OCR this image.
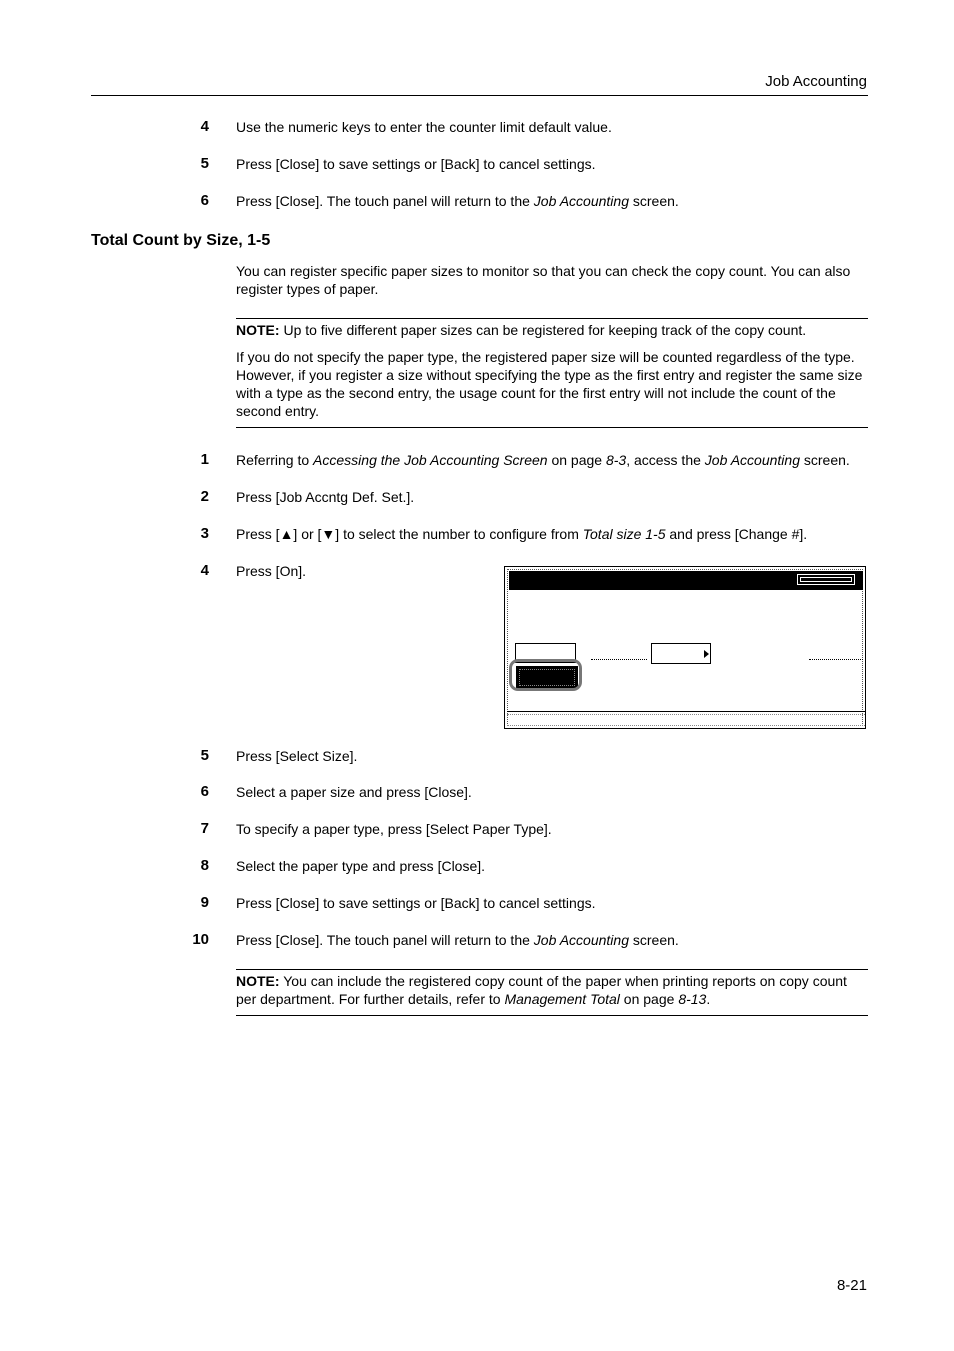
Job Accounting
4 Use the numeric keys to enter the counter limit default value.
5 Press [Close] to save settings or [Back] to cancel settings.
6 Press [Close]. The touch panel will return to the Job Accounting screen.
Total Count by Size, 1-5
You can register specific paper sizes to monitor so that you can check the copy count. You can also register types of paper.
NOTE: Up to five different paper sizes can be registered for keeping track of the copy count.
If you do not specify the paper type, the registered paper size will be counted regardless of the type. However, if you register a size without specifying the type as the first entry and register the same size with a type as the second entry, the usage count for the first entry will not include the count of the second entry.
1 Referring to Accessing the Job Accounting Screen on page 8-3, access the Job Accounting screen.
2 Press [Job Accntg Def. Set.].
3 Press [▲] or [▼] to select the number to configure from Total size 1-5 and press [Change #].
4 Press [On].
5 Press [Select Size].
6 Select a paper size and press [Close].
7 To specify a paper type, press [Select Paper Type].
8 Select the paper type and press [Close].
9 Press [Close] to save settings or [Back] to cancel settings.
10 Press [Close]. The touch panel will return to the Job Accounting screen.
NOTE: You can include the registered copy count of the paper when printing reports on copy count per department. For further details, refer to Management Total on page 8-13.
8-21
